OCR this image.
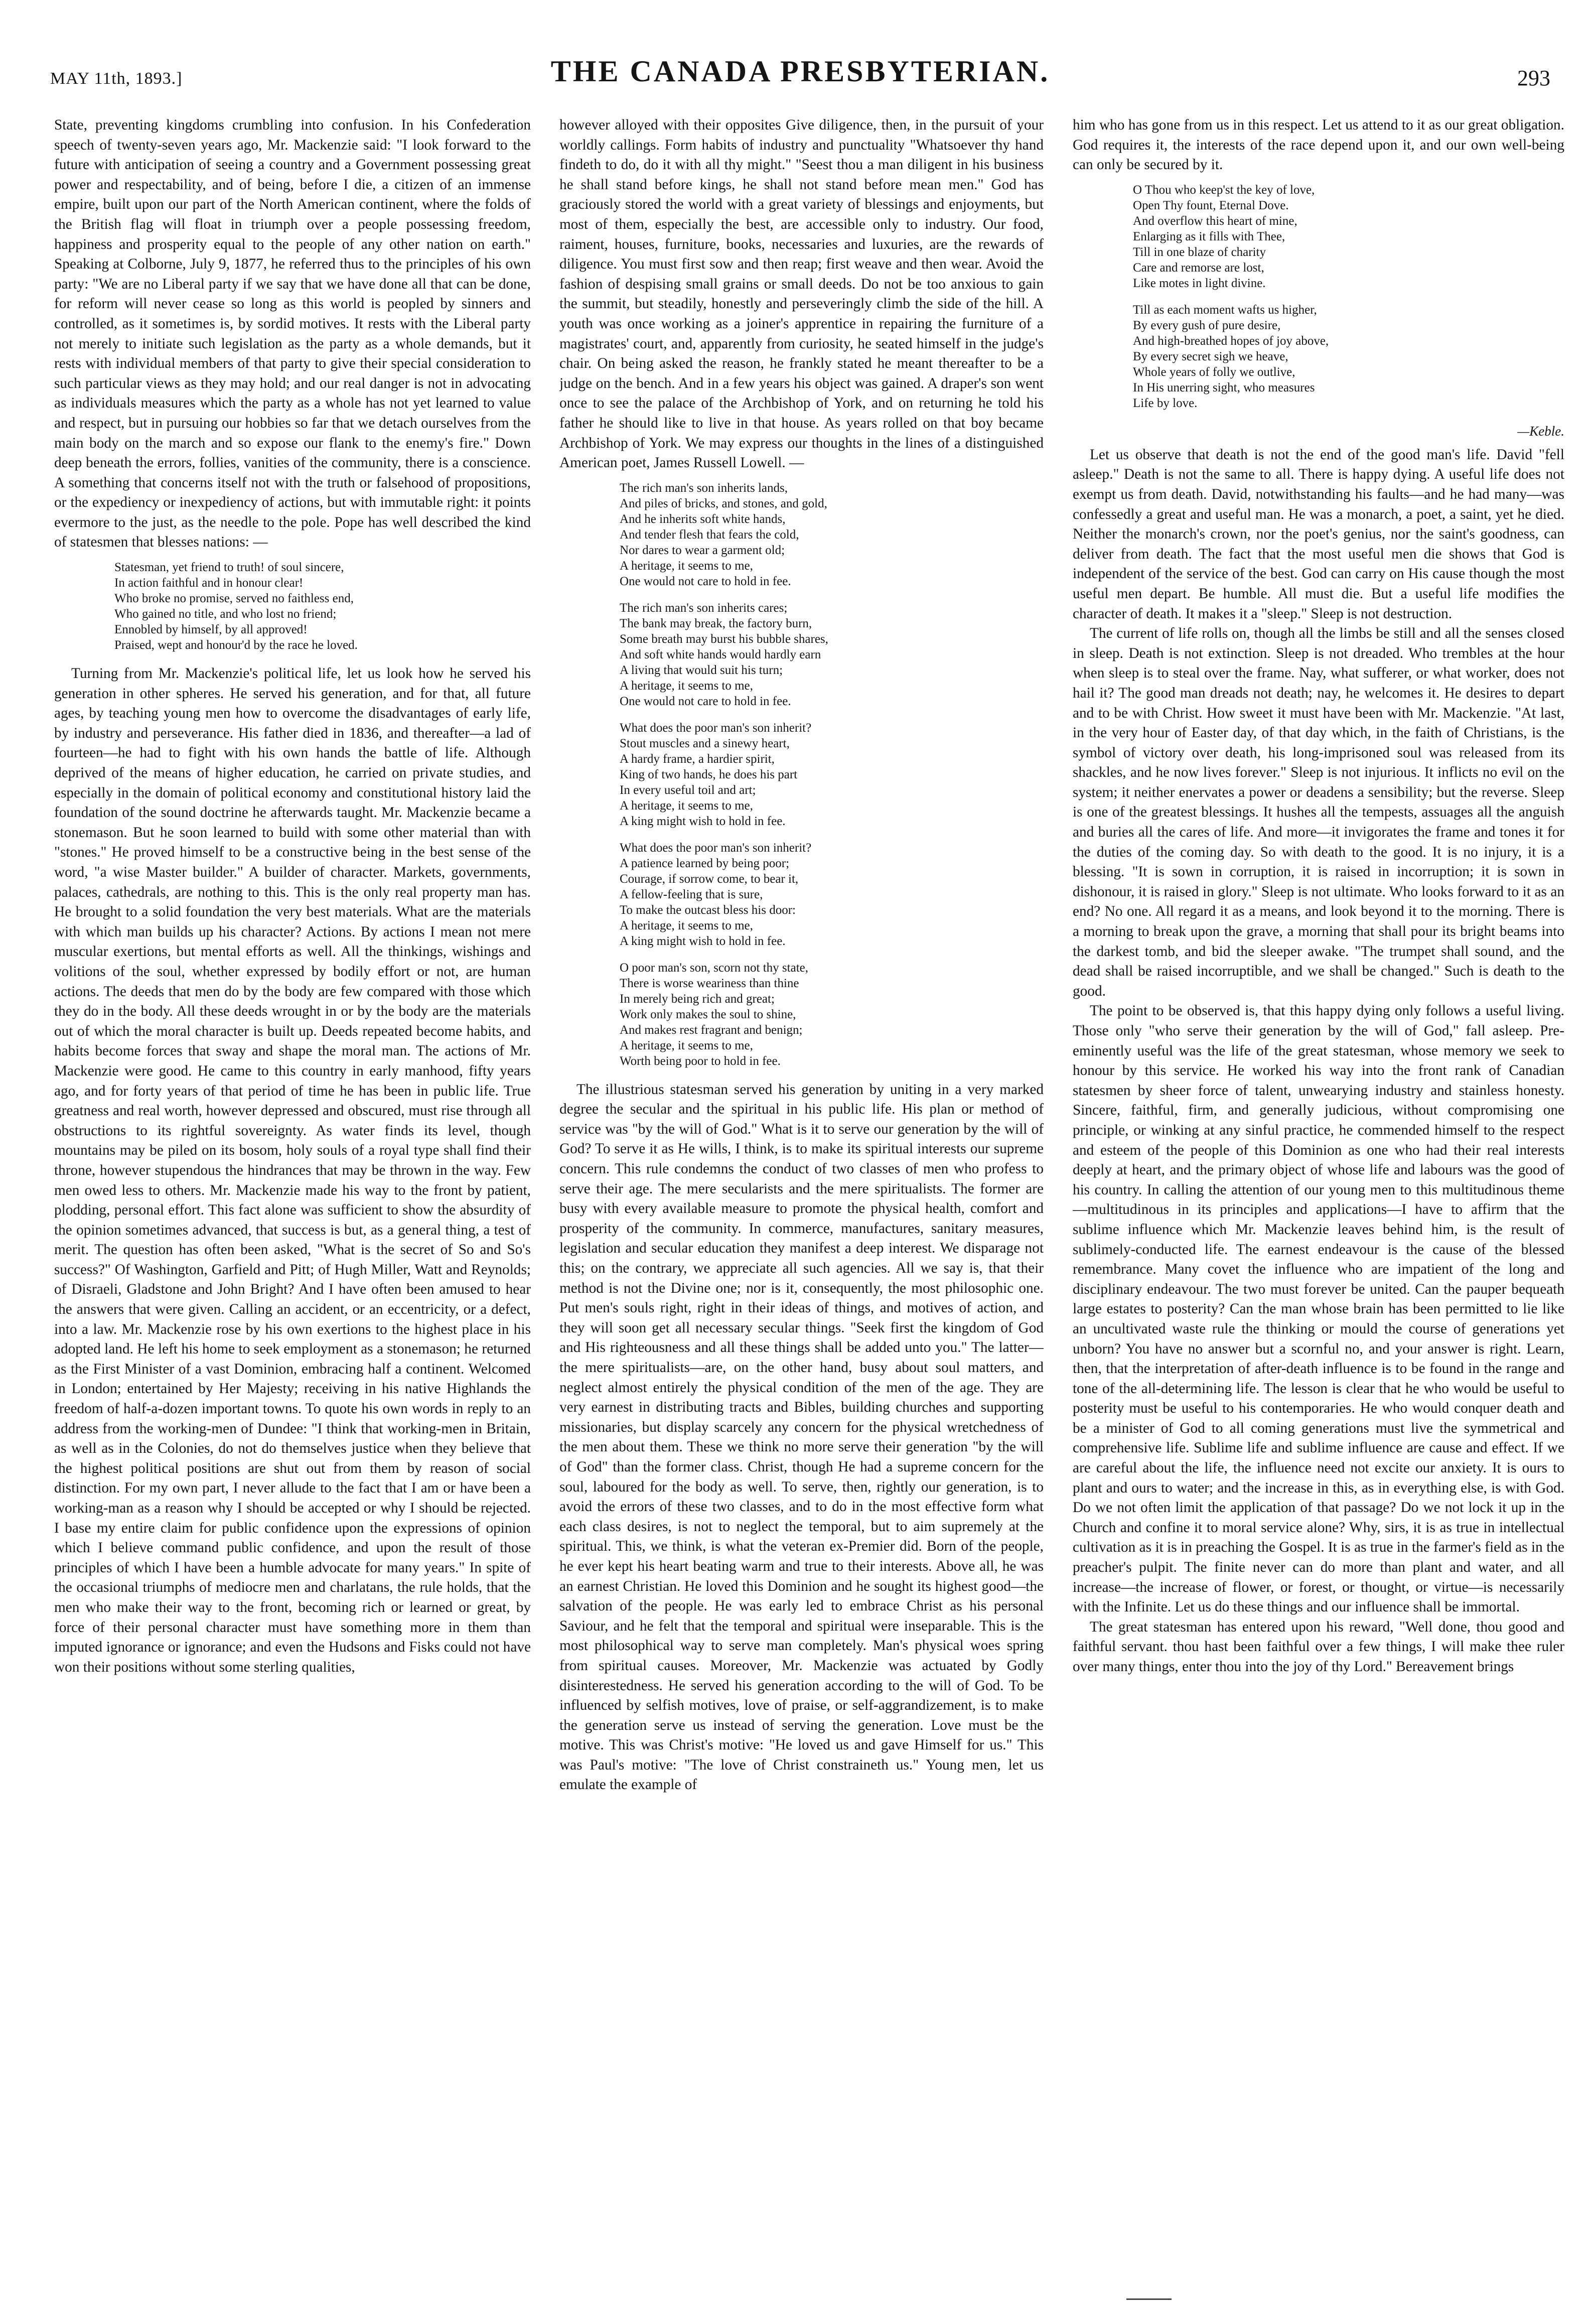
MAY 11th, 1893.]	THE CANADA PRESBYTERIAN.	293

State, preventing kingdoms crumbling into confusion. In his Confederation speech of twenty-seven years ago, Mr. Mackenzie said: "I look forward to the future with anticipation of seeing a country and a Government possessing great power and respectability, and of being, before I die, a citizen of an immense empire, built upon our part of the North American continent, where the folds of the British flag will float in triumph over a people possessing freedom, happiness and prosperity equal to the people of any other nation on earth." Speaking at Colborne, July 9, 1877, he referred thus to the principles of his own party: "We are no Liberal party if we say that we have done all that can be done, for reform will never cease so long as this world is peopled by sinners and controlled, as it sometimes is, by sordid motives. It rests with the Liberal party not merely to initiate such legislation as the party as a whole demands, but it rests with individual members of that party to give their special consideration to such particular views as they may hold; and our real danger is not in advocating as individuals measures which the party as a whole has not yet learned to value and respect, but in pursuing our hobbies so far that we detach ourselves from the main body on the march and so expose our flank to the enemy's fire." Down deep beneath the errors, follies, vanities of the community, there is a conscience. A something that concerns itself not with the truth or falsehood of propositions, or the expediency or inexpediency of actions, but with immutable right: it points evermore to the just, as the needle to the pole. Pope has well described the kind of statesmen that blesses nations: —

Statesman, yet friend to truth! of soul sincere,
In action faithful and in honour clear!
Who broke no promise, served no faithless end,
Who gained no title, and who lost no friend;
Ennobled by himself, by all approved!
Praised, wept and honour'd by the race he loved.

Turning from Mr. Mackenzie's political life, let us look how he served his generation in other spheres. He served his generation, and for that, all future ages, by teaching young men how to overcome the disadvantages of early life, by industry and perseverance. His father died in 1836, and thereafter—a lad of fourteen—he had to fight with his own hands the battle of life. Although deprived of the means of higher education, he carried on private studies, and especially in the domain of political economy and constitutional history laid the foundation of the sound doctrine he afterwards taught. Mr. Mackenzie became a stonemason. But he soon learned to build with some other material than with "stones." He proved himself to be a constructive being in the best sense of the word, "a wise Master builder." A builder of character. Markets, governments, palaces, cathedrals, are nothing to this. This is the only real property man has. He brought to a solid foundation the very best materials. What are the materials with which man builds up his character? Actions. By actions I mean not mere muscular exertions, but mental efforts as well. All the thinkings, wishings and volitions of the soul, whether expressed by bodily effort or not, are human actions. The deeds that men do by the body are few compared with those which they do in the body. All these deeds wrought in or by the body are the materials out of which the moral character is built up. Deeds repeated become habits, and habits become forces that sway and shape the moral man. The actions of Mr. Mackenzie were good. He came to this country in early manhood, fifty years ago, and for forty years of that period of time he has been in public life. True greatness and real worth, however depressed and obscured, must rise through all obstructions to its rightful sovereignty. As water finds its level, though mountains may be piled on its bosom, holy souls of a royal type shall find their throne, however stupendous the hindrances that may be thrown in the way. Few men owed less to others. Mr. Mackenzie made his way to the front by patient, plodding, personal effort. This fact alone was sufficient to show the absurdity of the opinion sometimes advanced, that success is but, as a general thing, a test of merit. The question has often been asked, "What is the secret of So and So's success?" Of Washington, Garfield and Pitt; of Hugh Miller, Watt and Reynolds; of Disraeli, Gladstone and John Bright? And I have often been amused to hear the answers that were given. Calling an accident, or an eccentricity, or a defect, into a law. Mr. Mackenzie rose by his own exertions to the highest place in his adopted land. He left his home to seek employment as a stonemason; he returned as the First Minister of a vast Dominion, embracing half a continent. Welcomed in London; entertained by Her Majesty; receiving in his native Highlands the freedom of half-a-dozen important towns. To quote his own words in reply to an address from the working-men of Dundee: "I think that working-men in Britain, as well as in the Colonies, do not do themselves justice when they believe that the highest political positions are shut out from them by reason of social distinction. For my own part, I never allude to the fact that I am or have been a working-man as a reason why I should be accepted or why I should be rejected. I base my entire claim for public confidence upon the expressions of opinion which I believe command public confidence, and upon the result of those principles of which I have been a humble advocate for many years." In spite of the occasional triumphs of mediocre men and charlatans, the rule holds, that the men who make their way to the front, becoming rich or learned or great, by force of their personal character must have something more in them than imputed ignorance or ignorance; and even the Hudsons and Fisks could not have won their positions without some sterling qualities,

however alloyed with their opposites Give diligence, then, in the pursuit of your worldly callings. Form habits of industry and punctuality "Whatsoever thy hand findeth to do, do it with all thy might." "Seest thou a man diligent in his business he shall stand before kings, he shall not stand before mean men." God has graciously stored the world with a great variety of blessings and enjoyments, but most of them, especially the best, are accessible only to industry. Our food, raiment, houses, furniture, books, necessaries and luxuries, are the rewards of diligence. You must first sow and then reap; first weave and then wear. Avoid the fashion of despising small grains or small deeds. Do not be too anxious to gain the summit, but steadily, honestly and perseveringly climb the side of the hill. A youth was once working as a joiner's apprentice in repairing the furniture of a magistrates' court, and, apparently from curiosity, he seated himself in the judge's chair. On being asked the reason, he frankly stated he meant thereafter to be a judge on the bench. And in a few years his object was gained. A draper's son went once to see the palace of the Archbishop of York, and on returning he told his father he should like to live in that house. As years rolled on that boy became Archbishop of York. We may express our thoughts in the lines of a distinguished American poet, James Russell Lowell. —

The rich man's son inherits lands,
And piles of bricks, and stones, and gold,
And he inherits soft white hands,
And tender flesh that fears the cold,
Nor dares to wear a garment old;
A heritage, it seems to me,
One would not care to hold in fee.
The rich man's son inherits cares;
The bank may break, the factory burn,
Some breath may burst his bubble shares,
And soft white hands would hardly earn
A living that would suit his turn;
A heritage, it seems to me,
One would not care to hold in fee.
What does the poor man's son inherit?
Stout muscles and a sinewy heart,
A hardy frame, a hardier spirit,
King of two hands, he does his part
In every useful toil and art;
A heritage, it seems to me,
A king might wish to hold in fee.
What does the poor man's son inherit?
A patience learned by being poor;
Courage, if sorrow come, to bear it,
A fellow-feeling that is sure,
To make the outcast bless his door:
A heritage, it seems to me,
A king might wish to hold in fee.
O poor man's son, scorn not thy state,
There is worse weariness than thine
In merely being rich and great;
Work only makes the soul to shine,
And makes rest fragrant and benign;
A heritage, it seems to me,
Worth being poor to hold in fee.

The illustrious statesman served his generation by uniting in a very marked degree the secular and the spiritual in his public life. His plan or method of service was "by the will of God." What is it to serve our generation by the will of God? To serve it as He wills, I think, is to make its spiritual interests our supreme concern. This rule condemns the conduct of two classes of men who profess to serve their age. The mere secularists and the mere spiritualists. The former are busy with every available measure to promote the physical health, comfort and prosperity of the community. In commerce, manufactures, sanitary measures, legislation and secular education they manifest a deep interest. We disparage not this; on the contrary, we appreciate all such agencies. All we say is, that their method is not the Divine one; nor is it, consequently, the most philosophic one. Put men's souls right, right in their ideas of things, and motives of action, and they will soon get all necessary secular things. "Seek first the kingdom of God and His righteousness and all these things shall be added unto you." The latter—the mere spiritualists—are, on the other hand, busy about soul matters, and neglect almost entirely the physical condition of the men of the age. They are very earnest in distributing tracts and Bibles, building churches and supporting missionaries, but display scarcely any concern for the physical wretchedness of the men about them. These we think no more serve their generation "by the will of God" than the former class. Christ, though He had a supreme concern for the soul, laboured for the body as well. To serve, then, rightly our generation, is to avoid the errors of these two classes, and to do in the most effective form what each class desires, is not to neglect the temporal, but to aim supremely at the spiritual. This, we think, is what the veteran ex-Premier did. Born of the people, he ever kept his heart beating warm and true to their interests. Above all, he was an earnest Christian. He loved this Dominion and he sought its highest good—the salvation of the people. He was early led to embrace Christ as his personal Saviour, and he felt that the temporal and spiritual were inseparable. This is the most philosophical way to serve man completely. Man's physical woes spring from spiritual causes. Moreover, Mr. Mackenzie was actuated by Godly disinterestedness. He served his generation according to the will of God. To be influenced by selfish motives, love of praise, or self-aggrandizement, is to make the generation serve us instead of serving the generation. Love must be the motive. This was Christ's motive: "He loved us and gave Himself for us." This was Paul's motive: "The love of Christ constraineth us." Young men, let us emulate the example of

him who has gone from us in this respect. Let us attend to it as our great obligation. God requires it, the interests of the race depend upon it, and our own well-being can only be secured by it.

O Thou who keep'st the key of love,
Open Thy fount, Eternal Dove.
And overflow this heart of mine,
Enlarging as it fills with Thee,
Till in one blaze of charity
Care and remorse are lost,
Like motes in light divine.
Till as each moment wafts us higher,
By every gush of pure desire,
And high-breathed hopes of joy above,
By every secret sigh we heave,
Whole years of folly we outlive,
In His unerring sight, who measures
Life by love.
—Keble.

Let us observe that death is not the end of the good man's life. David "fell asleep." Death is not the same to all. There is happy dying. A useful life does not exempt us from death. David, notwithstanding his faults—and he had many—was confessedly a great and useful man. He was a monarch, a poet, a saint, yet he died. Neither the monarch's crown, nor the poet's genius, nor the saint's goodness, can deliver from death. The fact that the most useful men die shows that God is independent of the service of the best. God can carry on His cause though the most useful men depart. Be humble. All must die. But a useful life modifies the character of death. It makes it a "sleep." Sleep is not destruction.

The current of life rolls on, though all the limbs be still and all the senses closed in sleep. Death is not extinction. Sleep is not dreaded. Who trembles at the hour when sleep is to steal over the frame. Nay, what sufferer, or what worker, does not hail it? The good man dreads not death; nay, he welcomes it. He desires to depart and to be with Christ. How sweet it must have been with Mr. Mackenzie. "At last, in the very hour of Easter day, of that day which, in the faith of Christians, is the symbol of victory over death, his long-imprisoned soul was released from its shackles, and he now lives forever." Sleep is not injurious. It inflicts no evil on the system; it neither enervates a power or deadens a sensibility; but the reverse. Sleep is one of the greatest blessings. It hushes all the tempests, assuages all the anguish and buries all the cares of life. And more—it invigorates the frame and tones it for the duties of the coming day. So with death to the good. It is no injury, it is a blessing. "It is sown in corruption, it is raised in incorruption; it is sown in dishonour, it is raised in glory." Sleep is not ultimate. Who looks forward to it as an end? No one. All regard it as a means, and look beyond it to the morning. There is a morning to break upon the grave, a morning that shall pour its bright beams into the darkest tomb, and bid the sleeper awake. "The trumpet shall sound, and the dead shall be raised incorruptible, and we shall be changed." Such is death to the good.

The point to be observed is, that this happy dying only follows a useful living. Those only "who serve their generation by the will of God," fall asleep. Pre-eminently useful was the life of the great statesman, whose memory we seek to honour by this service. He worked his way into the front rank of Canadian statesmen by sheer force of talent, unwearying industry and stainless honesty. Sincere, faithful, firm, and generally judicious, without compromising one principle, or winking at any sinful practice, he commended himself to the respect and esteem of the people of this Dominion as one who had their real interests deeply at heart, and the primary object of whose life and labours was the good of his country. In calling the attention of our young men to this multitudinous theme—multitudinous in its principles and applications—I have to affirm that the sublime influence which Mr. Mackenzie leaves behind him, is the result of sublimely-conducted life. The earnest endeavour is the cause of the blessed remembrance. Many covet the influence who are impatient of the long and disciplinary endeavour. The two must forever be united. Can the pauper bequeath large estates to posterity? Can the man whose brain has been permitted to lie like an uncultivated waste rule the thinking or mould the course of generations yet unborn? You have no answer but a scornful no, and your answer is right. Learn, then, that the interpretation of after-death influence is to be found in the range and tone of the all-determining life. The lesson is clear that he who would be useful to posterity must be useful to his contemporaries. He who would conquer death and be a minister of God to all coming generations must live the symmetrical and comprehensive life. Sublime life and sublime influence are cause and effect. If we are careful about the life, the influence need not excite our anxiety. It is ours to plant and ours to water; and the increase in this, as in everything else, is with God. Do we not often limit the application of that passage? Do we not lock it up in the Church and confine it to moral service alone? Why, sirs, it is as true in intellectual cultivation as it is in preaching the Gospel. It is as true in the farmer's field as in the preacher's pulpit. The finite never can do more than plant and water, and all increase—the increase of flower, or forest, or thought, or virtue—is necessarily with the Infinite. Let us do these things and our influence shall be immortal.

The great statesman has entered upon his reward, "Well done, thou good and faithful servant. thou hast been faithful over a few things, I will make thee ruler over many things, enter thou into the joy of thy Lord." Bereavement brings
